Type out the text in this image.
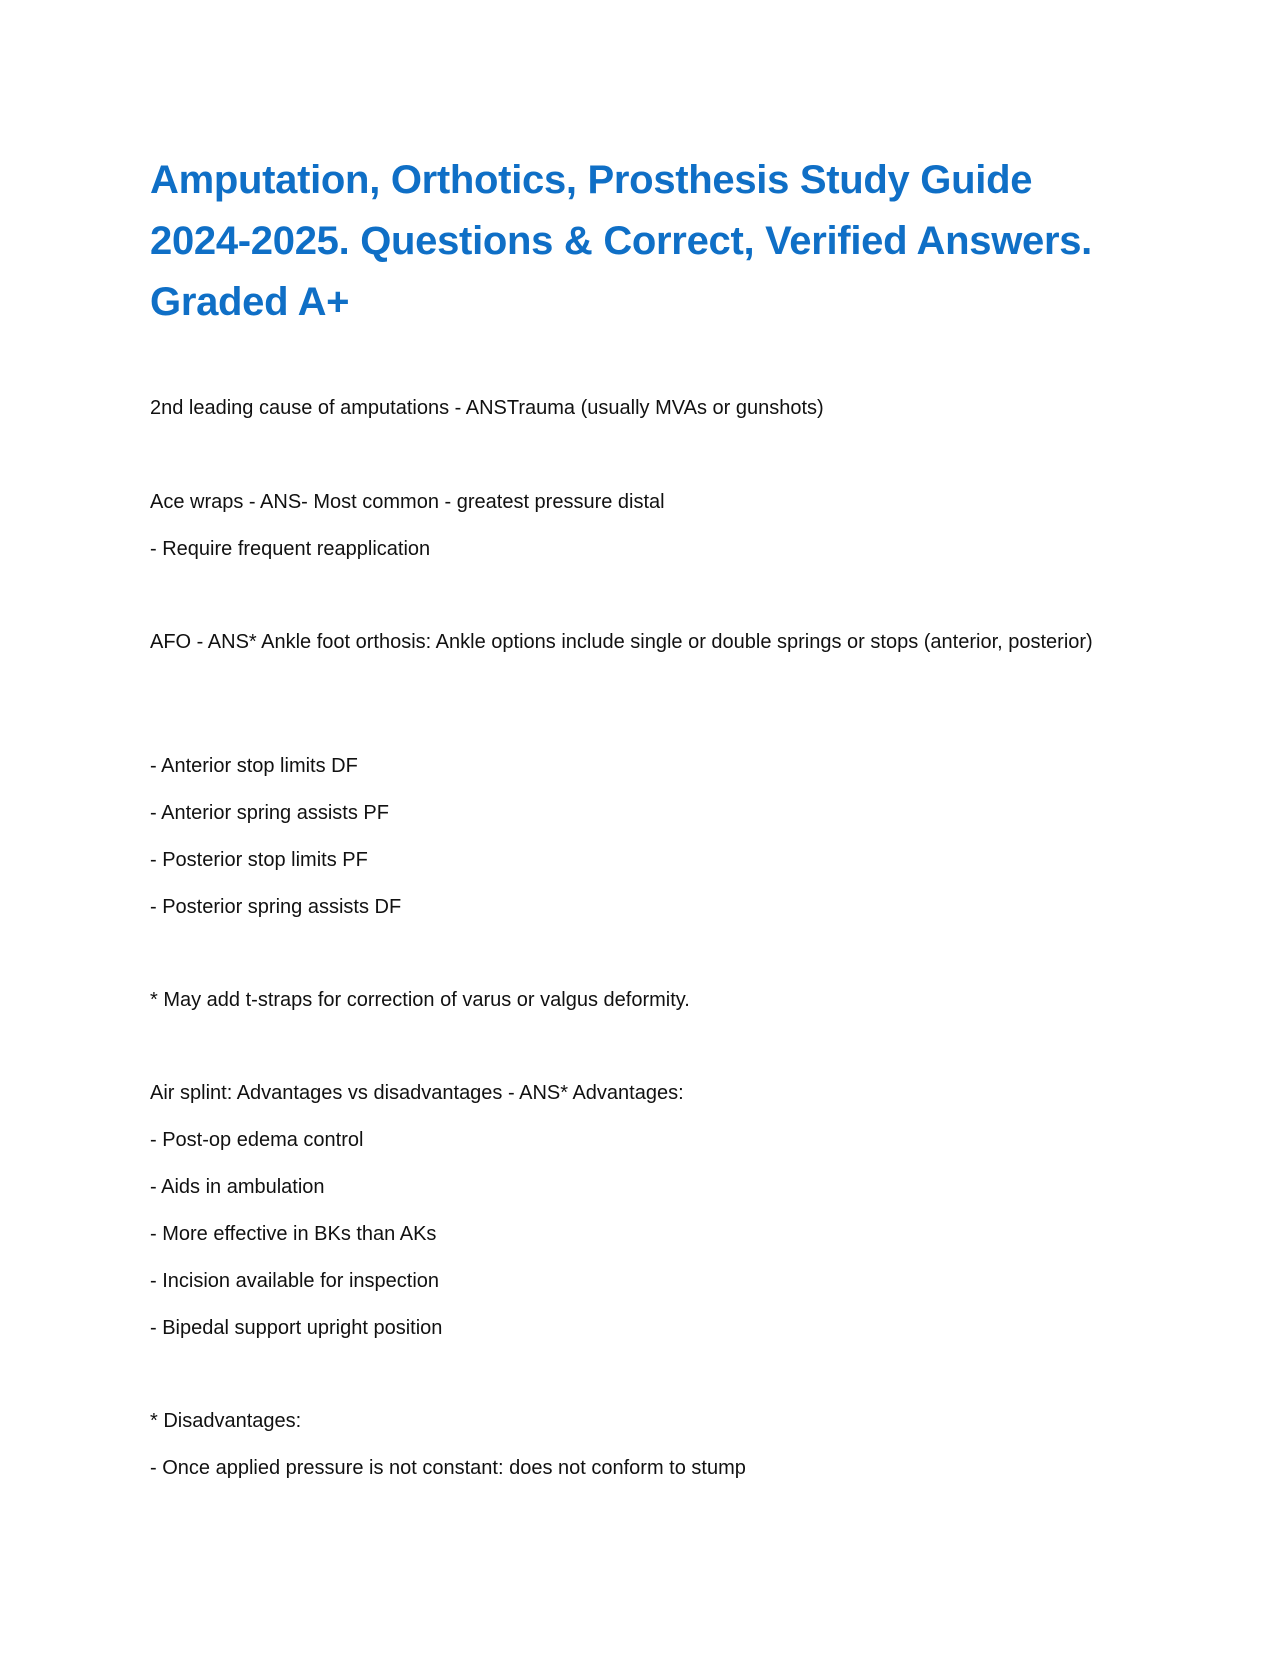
Amputation, Orthotics, Prosthesis Study Guide
2024-2025. Questions & Correct, Verified Answers.
Graded A+

2nd leading cause of amputations - ANSTrauma (usually MVAs or gunshots)

Ace wraps - ANS- Most common - greatest pressure distal

- Require frequent reapplication

AFO - ANS* Ankle foot orthosis: Ankle options include single or double springs or stops (anterior, posterior)

- Anterior stop limits DF

- Anterior spring assists PF

- Posterior stop limits PF

- Posterior spring assists DF

* May add t-straps for correction of varus or valgus deformity.

Air splint: Advantages vs disadvantages - ANS* Advantages:

- Post-op edema control

- Aids in ambulation

- More effective in BKs than AKs

- Incision available for inspection

- Bipedal support upright position

* Disadvantages:

- Once applied pressure is not constant: does not conform to stump
